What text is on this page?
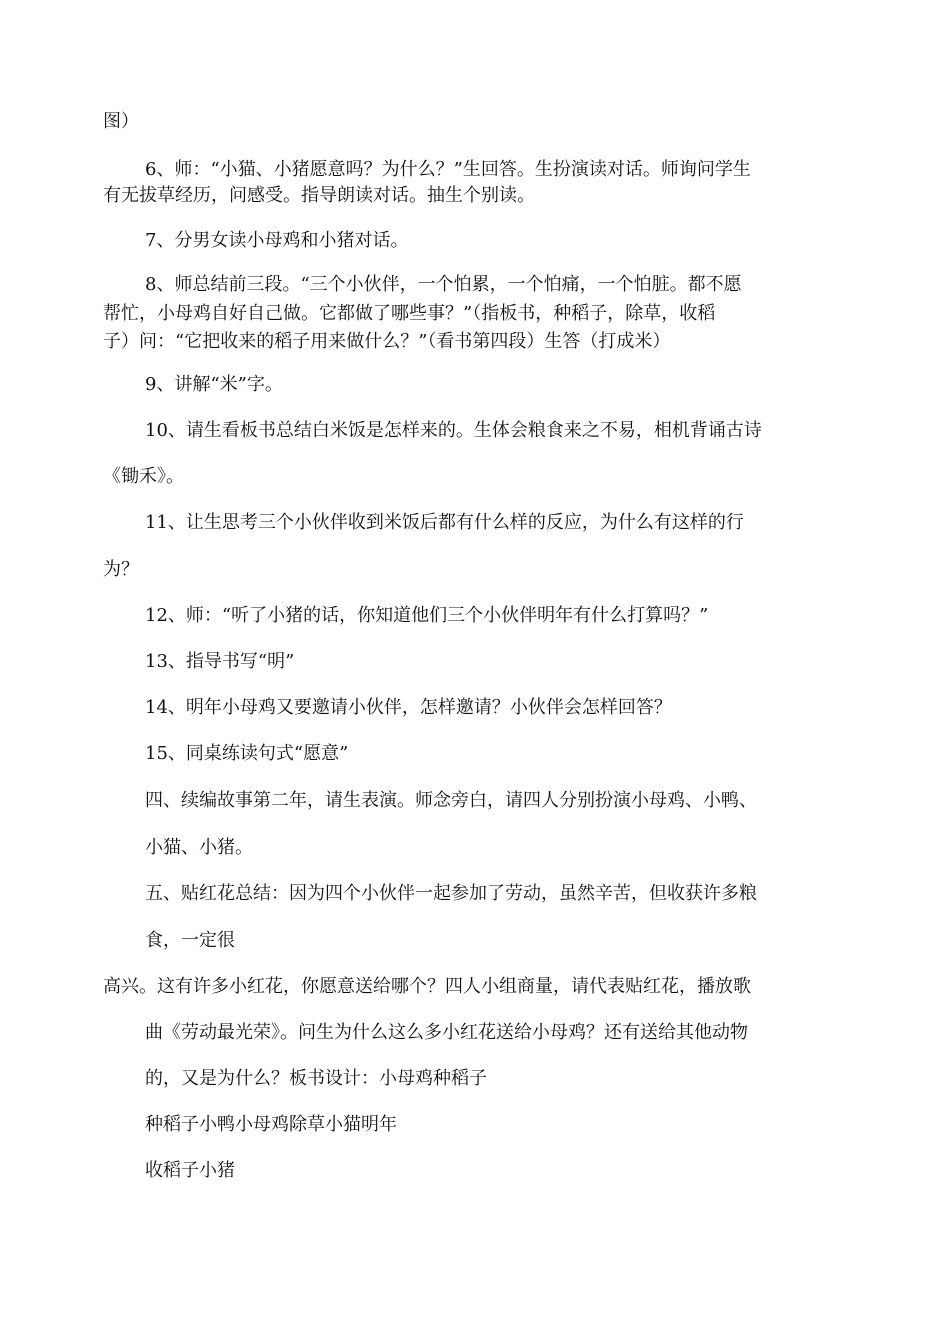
图）
6、师：“小猫、小猪愿意吗？为什么？”生回答。生扮演读对话。师询问学生
有无拔草经历，问感受。指导朗读对话。抽生个别读。
7、分男女读小母鸡和小猪对话。
8、师总结前三段。“三个小伙伴，一个怕累，一个怕痛，一个怕脏。都不愿
帮忙，小母鸡自好自己做。它都做了哪些事？”（指板书，种稻子，除草，收稻
子）问：“它把收来的稻子用来做什么？”（看书第四段）生答（打成米）
9、讲解“米”字。
10、请生看板书总结白米饭是怎样来的。生体会粮食来之不易，相机背诵古诗
《锄禾》。
11、让生思考三个小伙伴收到米饭后都有什么样的反应，为什么有这样的行
为？
12、师：“听了小猪的话，你知道他们三个小伙伴明年有什么打算吗？”
13、指导书写“明”
14、明年小母鸡又要邀请小伙伴，怎样邀请？小伙伴会怎样回答？
15、同桌练读句式“愿意”
四、续编故事第二年，请生表演。师念旁白，请四人分别扮演小母鸡、小鸭、
小猫、小猪。
五、贴红花总结：因为四个小伙伴一起参加了劳动，虽然辛苦，但收获许多粮
食，一定很
高兴。这有许多小红花，你愿意送给哪个？四人小组商量，请代表贴红花，播放歌
曲《劳动最光荣》。问生为什么这么多小红花送给小母鸡？还有送给其他动物
的，又是为什么？板书设计：小母鸡种稻子
种稻子小鸭小母鸡除草小猫明年
收稻子小猪
